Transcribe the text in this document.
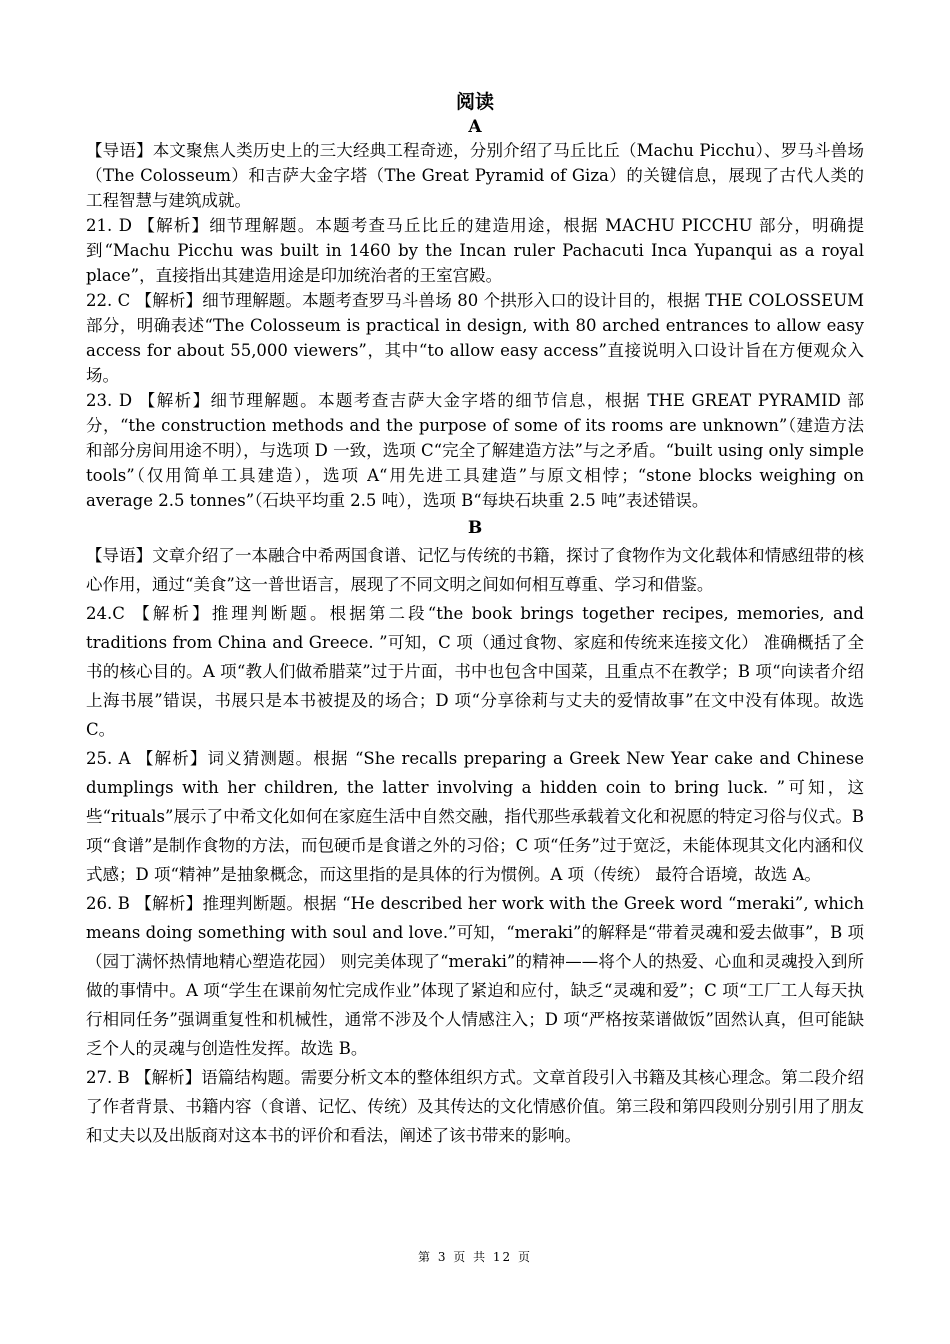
阅读
A

【导语】本文聚焦人类历史上的三大经典工程奇迹，分别介绍了马丘比丘（Machu Picchu）、罗马斗兽场（The Colosseum）和吉萨大金字塔（The Great Pyramid of Giza）的关键信息，展现了古代人类的工程智慧与建筑成就。

21. D 【解析】细节理解题。本题考查马丘比丘的建造用途，根据 MACHU PICCHU 部分，明确提到“Machu Picchu was built in 1460 by the Incan ruler Pachacuti Inca Yupanqui as a royal place”，直接指出其建造用途是印加统治者的王室宫殿。

22. C 【解析】细节理解题。本题考查罗马斗兽场 80 个拱形入口的设计目的，根据 THE COLOSSEUM 部分，明确表述“The Colosseum is practical in design, with 80 arched entrances to allow easy access for about 55,000 viewers”，其中“to allow easy access”直接说明入口设计旨在方便观众入场。

23. D 【解析】细节理解题。本题考查吉萨大金字塔的细节信息，根据 THE GREAT PYRAMID 部分，“the construction methods and the purpose of some of its rooms are unknown”（建造方法和部分房间用途不明），与选项 D 一致，选项 C“完全了解建造方法”与之矛盾。“built using only simple tools”（仅用简单工具建造），选项 A“用先进工具建造”与原文相悖；“stone blocks weighing on average 2.5 tonnes”（石块平均重 2.5 吨），选项 B“每块石块重 2.5 吨”表述错误。

B

【导语】文章介绍了一本融合中希两国食谱、记忆与传统的书籍，探讨了食物作为文化载体和情感纽带的核心作用，通过“美食”这一普世语言，展现了不同文明之间如何相互尊重、学习和借鉴。

24.C 【解析】推理判断题。根据第二段“the book brings together recipes, memories, and traditions from China and Greece. ”可知，C 项（通过食物、家庭和传统来连接文化） 准确概括了全书的核心目的。A 项“教人们做希腊菜”过于片面，书中也包含中国菜，且重点不在教学；B 项“向读者介绍上海书展”错误，书展只是本书被提及的场合；D 项“分享徐莉与丈夫的爱情故事”在文中没有体现。故选 C。

25. A 【解析】词义猜测题。根据 “She recalls preparing a Greek New Year cake and Chinese dumplings with her children, the latter involving a hidden coin to bring luck. ”可知，这些“rituals”展示了中希文化如何在家庭生活中自然交融，指代那些承载着文化和祝愿的特定习俗与仪式。B 项“食谱”是制作食物的方法，而包硬币是食谱之外的习俗；C 项“任务”过于宽泛，未能体现其文化内涵和仪式感；D 项“精神”是抽象概念，而这里指的是具体的行为惯例。A 项（传统） 最符合语境，故选 A。

26. B 【解析】推理判断题。根据 “He described her work with the Greek word “meraki”, which means doing something with soul and love.”可知，“meraki”的解释是“带着灵魂和爱去做事”，B 项（园丁满怀热情地精心塑造花园） 则完美体现了“meraki”的精神——将个人的热爱、心血和灵魂投入到所做的事情中。A 项“学生在课前匆忙完成作业”体现了紧迫和应付，缺乏“灵魂和爱”；C 项“工厂工人每天执行相同任务”强调重复性和机械性，通常不涉及个人情感注入；D 项“严格按菜谱做饭”固然认真，但可能缺乏个人的灵魂与创造性发挥。故选 B。

27. B 【解析】语篇结构题。需要分析文本的整体组织方式。文章首段引入书籍及其核心理念。第二段介绍了作者背景、书籍内容（食谱、记忆、传统）及其传达的文化情感价值。第三段和第四段则分别引用了朋友和丈夫以及出版商对这本书的评价和看法，阐述了该书带来的影响。

第 3 页 共 12 页
